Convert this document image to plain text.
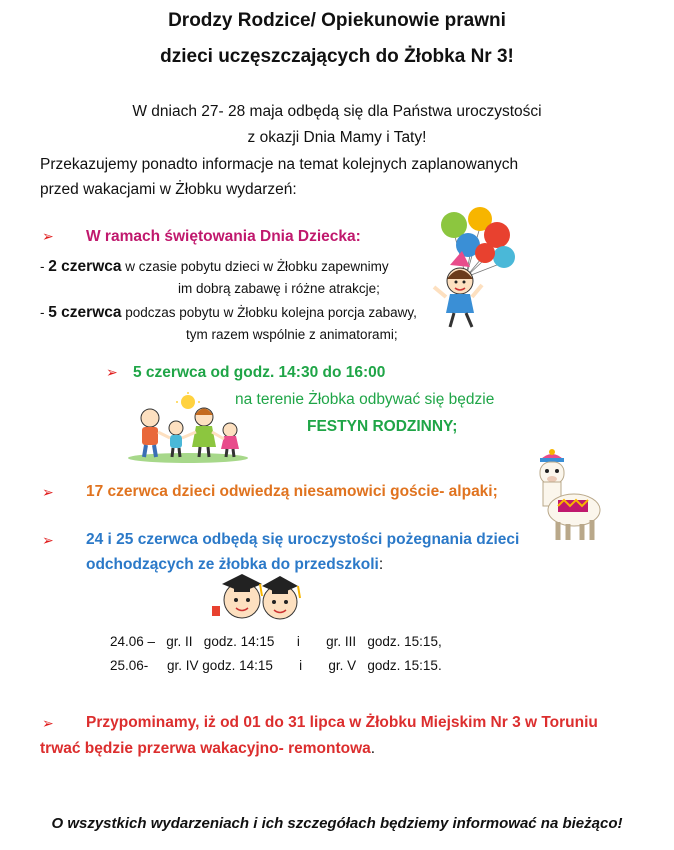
Drodzy Rodzice/ Opiekunowie prawni
dzieci uczęszczających do Żłobka Nr 3!
W dniach 27- 28 maja odbędą się dla Państwa uroczystości
z okazji Dnia Mamy i Taty!
Przekazujemy ponadto informacje na temat kolejnych zaplanowanych
przed wakacjami w Żłobku wydarzeń:
➢ W ramach świętowania Dnia Dziecka:
- 2 czerwca w czasie pobytu dzieci w Żłobku zapewnimy
im dobrą zabawę i różne atrakcje;
- 5 czerwca podczas pobytu w Żłobku kolejna porcja zabawy,
tym razem wspólnie z animatorami;
➢ 5 czerwca od godz. 14:30 do 16:00
na terenie Żłobka odbywać się będzie
FESTYN RODZINNY;
➢ 17 czerwca dzieci odwiedzą niesamowici goście- alpaki;
➢ 24 i 25 czerwca odbędą się uroczystości pożegnania dzieci
odchodzących ze żłobka do przedszkoli:
24.06 –   gr. II   godz. 14:15      i       gr. III   godz. 15:15,
25.06-     gr. IV godz. 14:15       i       gr. V   godz. 15:15.
➢ Przypominamy, iż od 01 do 31 lipca w Żłobku Miejskim Nr 3 w Toruniu
trwać będzie przerwa wakacyjno- remontowa.
O wszystkich wydarzeniach i ich szczegółach będziemy informować na bieżąco!
